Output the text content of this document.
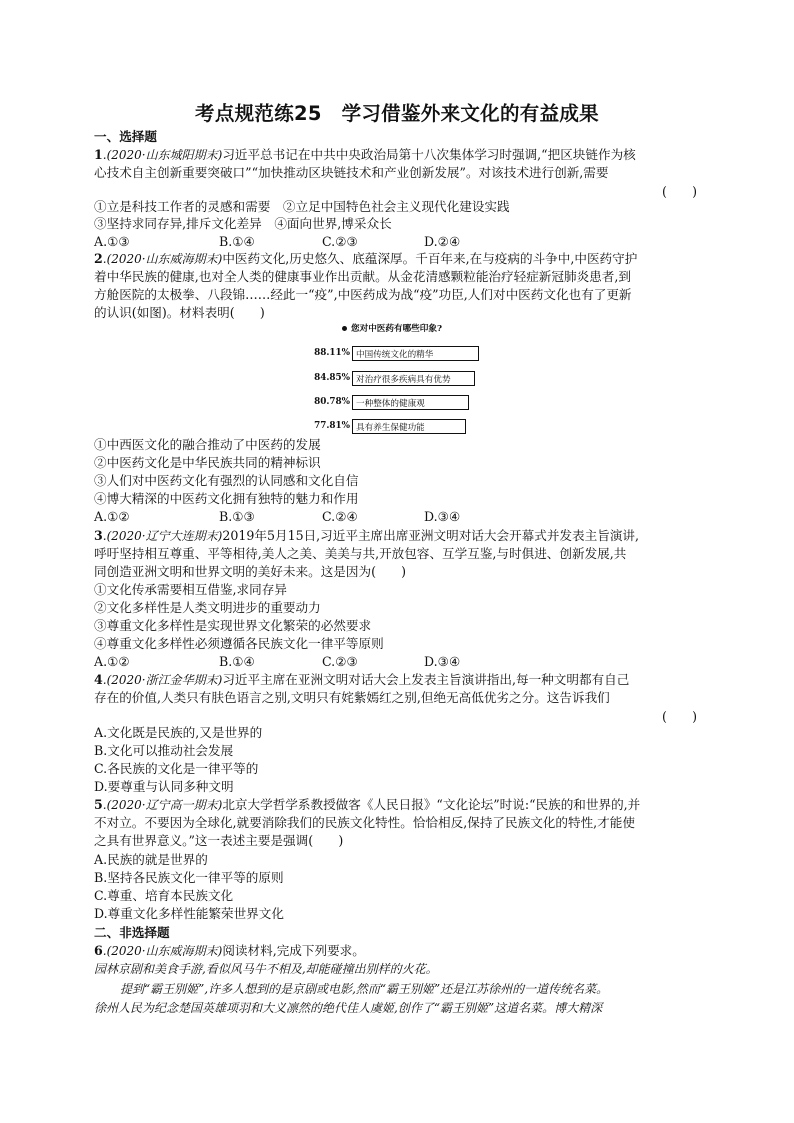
考点规范练25　学习借鉴外来文化的有益成果
一、选择题
1.(2020·山东城阳期末)习近平总书记在中共中央政治局第十八次集体学习时强调,“把区块链作为核
心技术自主创新重要突破口”“加快推动区块链技术和产业创新发展”。对该技术进行创新,需要
(　　)
①立是科技工作者的灵感和需要　②立足中国特色社会主义现代化建设实践
③坚持求同存异,排斥文化差异　④面向世界,博采众长
A.①③	B.①④	C.②③	D.②④
2.(2020·山东威海期末)中医药文化,历史悠久、底蕴深厚。千百年来,在与疫病的斗争中,中医药守护
着中华民族的健康,也对全人类的健康事业作出贡献。从金花清感颗粒能治疗轻症新冠肺炎患者,到
方舱医院的太极拳、八段锦……经此一“疫”,中医药成为战“疫”功臣,人们对中医药文化也有了更新
的认识(如图)。材料表明(　　)
您对中医药有哪些印象?
88.11% 中国传统文化的精华
84.85% 对治疗很多疾病具有优势
80.78% 一种整体的健康观
77.81% 具有养生保健功能
①中西医文化的融合推动了中医药的发展
②中医药文化是中华民族共同的精神标识
③人们对中医药文化有强烈的认同感和文化自信
④博大精深的中医药文化拥有独特的魅力和作用
A.①②	B.①③	C.②④	D.③④
3.(2020·辽宁大连期末)2019年5月15日,习近平主席出席亚洲文明对话大会开幕式并发表主旨演讲,
呼吁坚持相互尊重、平等相待,美人之美、美美与共,开放包容、互学互鉴,与时俱进、创新发展,共
同创造亚洲文明和世界文明的美好未来。这是因为(　　)
①文化传承需要相互借鉴,求同存异
②文化多样性是人类文明进步的重要动力
③尊重文化多样性是实现世界文化繁荣的必然要求
④尊重文化多样性必须遵循各民族文化一律平等原则
A.①②	B.①④	C.②③	D.③④
4.(2020·浙江金华期末)习近平主席在亚洲文明对话大会上发表主旨演讲指出,每一种文明都有自己
存在的价值,人类只有肤色语言之别,文明只有姹紫嫣红之别,但绝无高低优劣之分。这告诉我们
(　　)
A.文化既是民族的,又是世界的
B.文化可以推动社会发展
C.各民族的文化是一律平等的
D.要尊重与认同多种文明
5.(2020·辽宁高一期末)北京大学哲学系教授做客《人民日报》“文化论坛”时说:“民族的和世界的,并
不对立。不要因为全球化,就要消除我们的民族文化特性。恰恰相反,保持了民族文化的特性,才能使
之具有世界意义。”这一表述主要是强调(　　)
A.民族的就是世界的
B.坚持各民族文化一律平等的原则
C.尊重、培育本民族文化
D.尊重文化多样性能繁荣世界文化
二、非选择题
6.(2020·山东威海期末)阅读材料,完成下列要求。
园林京剧和美食手游,看似风马牛不相及,却能碰撞出别样的火花。
提到“霸王别姬”,许多人想到的是京剧或电影,然而“霸王别姬”还是江苏徐州的一道传统名菜。
徐州人民为纪念楚国英雄项羽和大义凛然的绝代佳人虞姬,创作了“霸王别姬”这道名菜。博大精深
